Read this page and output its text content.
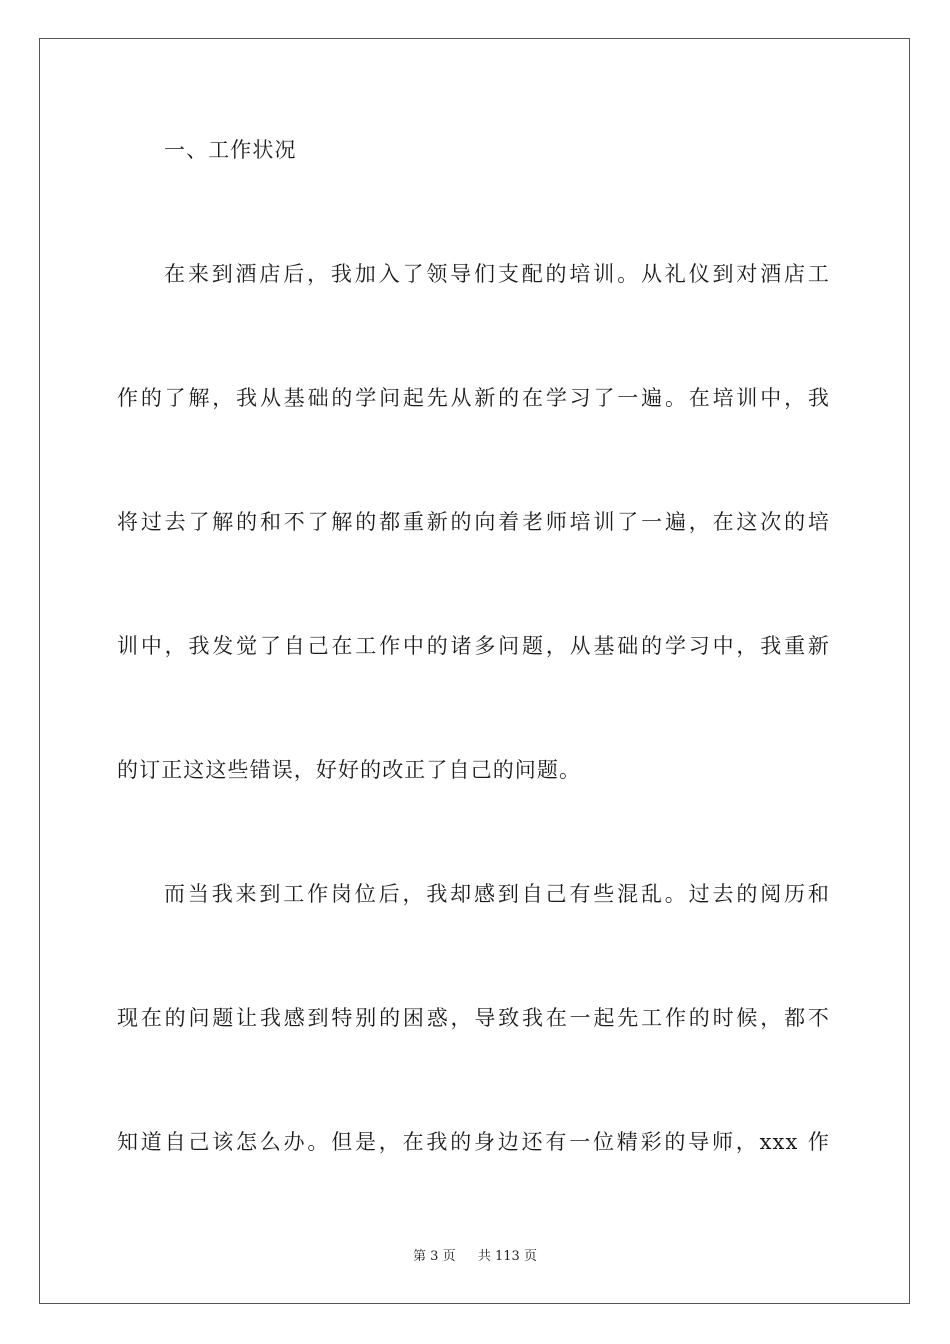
一、工作状况
在来到酒店后，我加入了领导们支配的培训。从礼仪到对酒店工
作的了解，我从基础的学问起先从新的在学习了一遍。在培训中，我
将过去了解的和不了解的都重新的向着老师培训了一遍，在这次的培
训中，我发觉了自己在工作中的诸多问题，从基础的学习中，我重新
的订正这这些错误，好好的改正了自己的问题。
而当我来到工作岗位后，我却感到自己有些混乱。过去的阅历和
现在的问题让我感到特别的困惑，导致我在一起先工作的时候，都不
知道自己该怎么办。但是，在我的身边还有一位精彩的导师，xxx 作
第 3 页 共 113 页
